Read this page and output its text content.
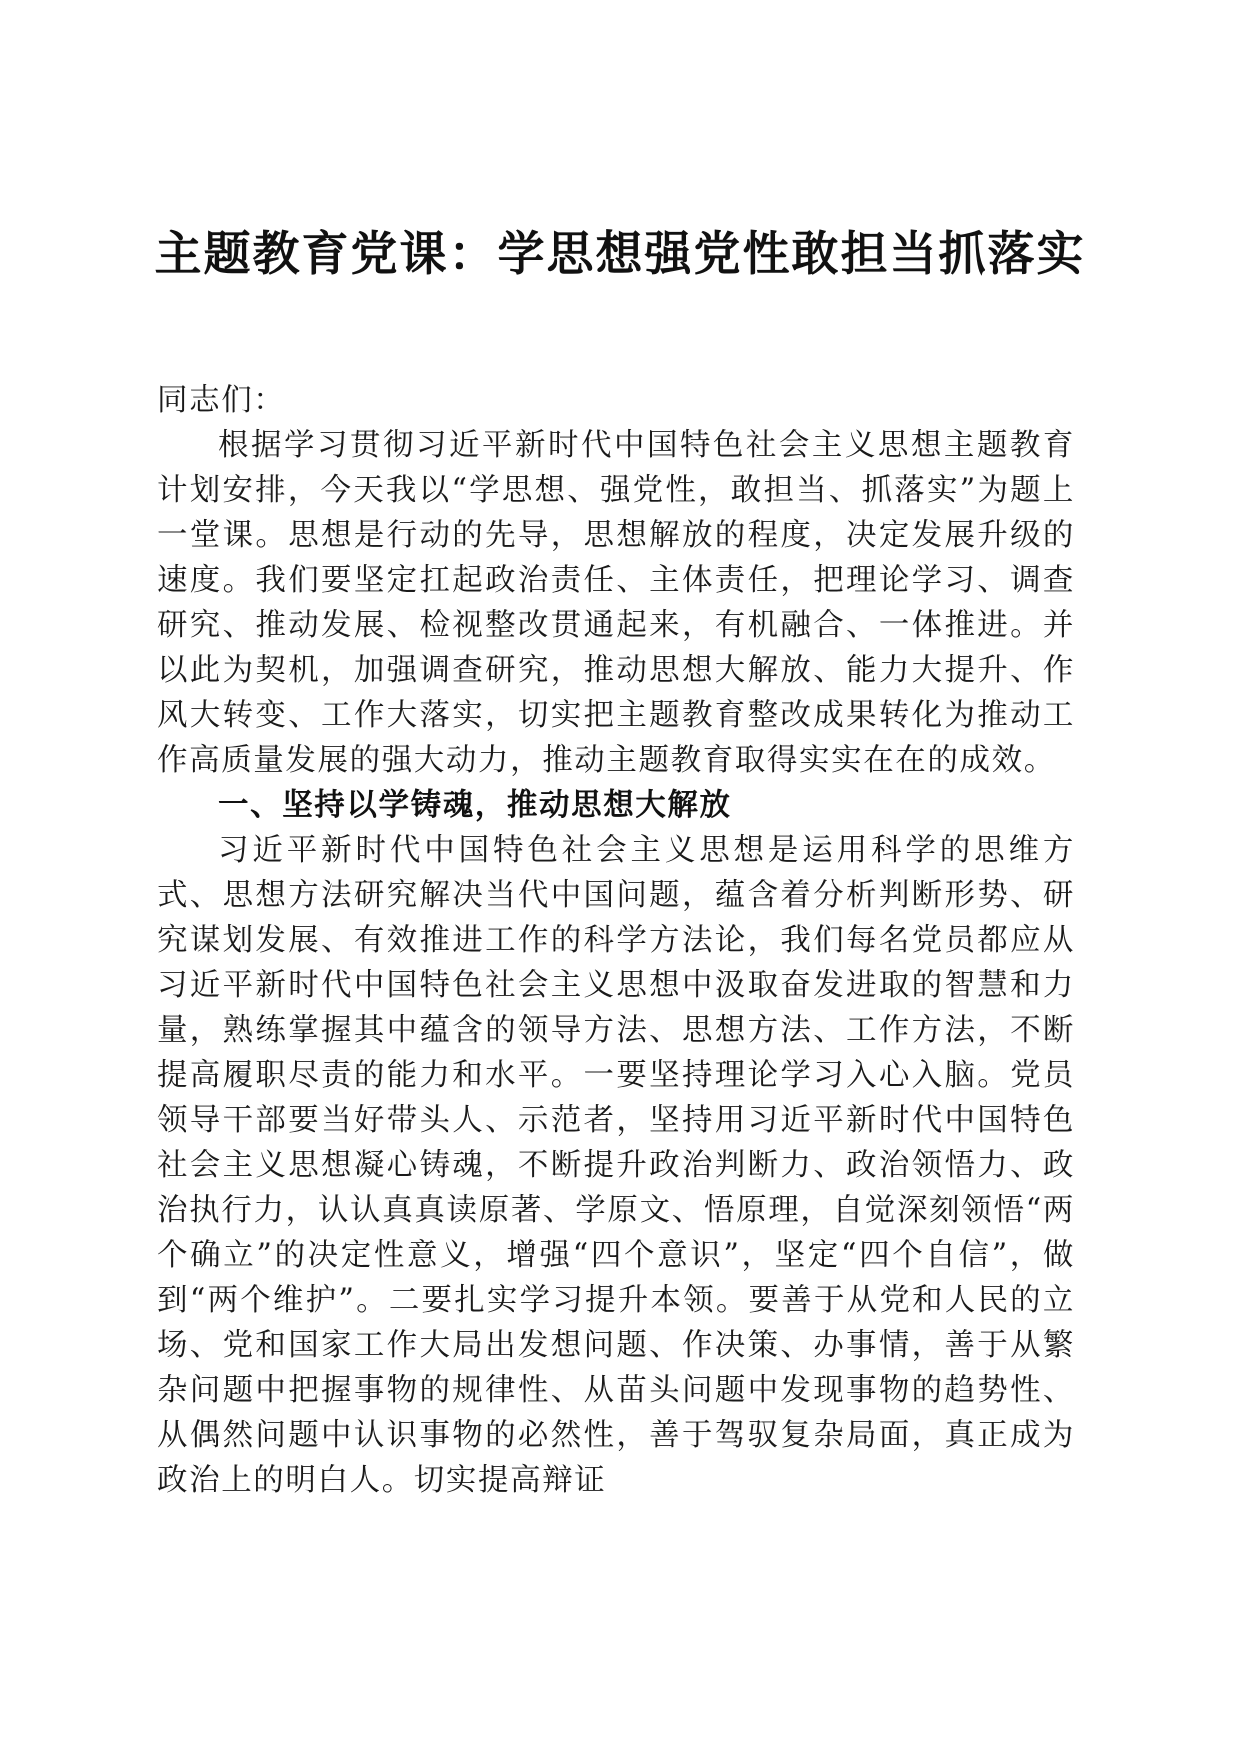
主题教育党课：学思想强党性敢担当抓落实

同志们：

根据学习贯彻习近平新时代中国特色社会主义思想主题教育计划安排，今天我以“学思想、强党性，敢担当、抓落实”为题上一堂课。思想是行动的先导，思想解放的程度，决定发展升级的速度。我们要坚定扛起政治责任、主体责任，把理论学习、调查研究、推动发展、检视整改贯通起来，有机融合、一体推进。并以此为契机，加强调查研究，推动思想大解放、能力大提升、作风大转变、工作大落实，切实把主题教育整改成果转化为推动工作高质量发展的强大动力，推动主题教育取得实实在在的成效。

一、坚持以学铸魂，推动思想大解放

习近平新时代中国特色社会主义思想是运用科学的思维方式、思想方法研究解决当代中国问题，蕴含着分析判断形势、研究谋划发展、有效推进工作的科学方法论，我们每名党员都应从习近平新时代中国特色社会主义思想中汲取奋发进取的智慧和力量，熟练掌握其中蕴含的领导方法、思想方法、工作方法，不断提高履职尽责的能力和水平。一要坚持理论学习入心入脑。党员领导干部要当好带头人、示范者，坚持用习近平新时代中国特色社会主义思想凝心铸魂，不断提升政治判断力、政治领悟力、政治执行力，认认真真读原著、学原文、悟原理，自觉深刻领悟“两个确立”的决定性意义，增强“四个意识”，坚定“四个自信”，做到“两个维护”。二要扎实学习提升本领。要善于从党和人民的立场、党和国家工作大局出发想问题、作决策、办事情，善于从繁杂问题中把握事物的规律性、从苗头问题中发现事物的趋势性、从偶然问题中认识事物的必然性，善于驾驭复杂局面，真正成为政治上的明白人。切实提高辩证
